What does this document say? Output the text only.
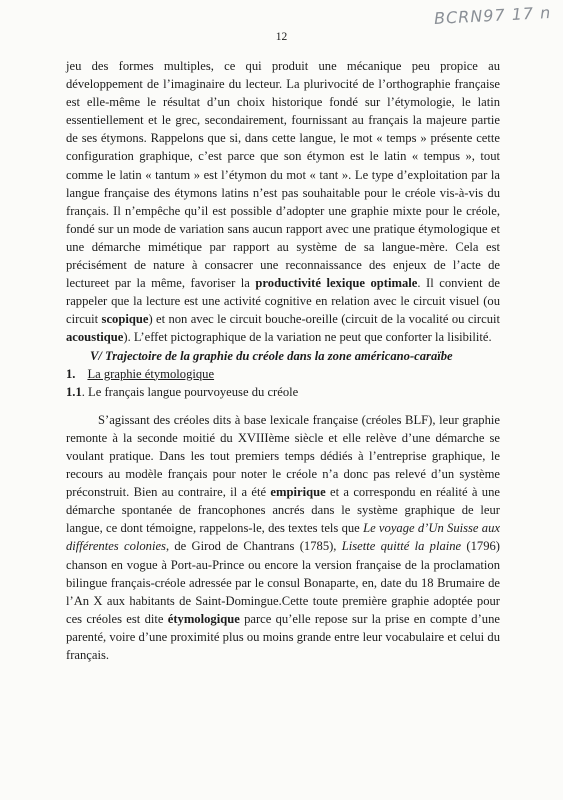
BCRN97 17 n
12

jeu des formes multiples, ce qui produit une mécanique peu propice au développement de l’imaginaire du lecteur. La plurivocité de l’orthographie française est elle-même le résultat d’un choix historique fondé sur l’étymologie, le latin essentiellement et le grec, secondairement, fournissant au français la majeure partie de ses étymons. Rappelons que si, dans cette langue, le mot « temps » présente cette configuration graphique, c’est parce que son étymon est le latin « tempus », tout comme le latin « tantum » est l’étymon du mot « tant ». Le type d’exploitation par la langue française des étymons latins n’est pas souhaitable pour le créole vis-à-vis du français. Il n’empêche qu’il est possible d’adopter une graphie mixte pour le créole, fondé sur un mode de variation sans aucun rapport avec une pratique étymologique et une démarche mimétique par rapport au système de sa langue-mère. Cela est précisément de nature à consacrer une reconnaissance des enjeux de l’acte de lectureet par la même, favoriser la productivité lexique optimale. Il convient de rappeler que la lecture est une activité cognitive en relation avec le circuit visuel (ou circuit scopique) et non avec le circuit bouche-oreille (circuit de la vocalité ou circuit acoustique). L’effet pictographique de la variation ne peut que conforter la lisibilité.

V/ Trajectoire de la graphie du créole dans la zone américano-caraïbe

1. La graphie étymologique

1.1. Le français langue pourvoyeuse du créole

S’agissant des créoles dits à base lexicale française (créoles BLF), leur graphie remonte à la seconde moitié du XVIIIème siècle et elle relève d’une démarche se voulant pratique. Dans les tout premiers temps dédiés à l’entreprise graphique, le recours au modèle français pour noter le créole n’a donc pas relevé d’un système préconstruit. Bien au contraire, il a été empirique et a correspondu en réalité à une démarche spontanée de francophones ancrés dans le système graphique de leur langue, ce dont témoigne, rappelons-le, des textes tels que Le voyage d’Un Suisse aux différentes colonies, de Girod de Chantrans (1785), Lisette quitté la plaine (1796) chanson en vogue à Port-au-Prince ou encore la version française de la proclamation bilingue français-créole adressée par le consul Bonaparte, en, date du 18 Brumaire de l’An X aux habitants de Saint-Domingue.Cette toute première graphie adoptée pour ces créoles est dite étymologique parce qu’elle repose sur la prise en compte d’une parenté, voire d’une proximité plus ou moins grande entre leur vocabulaire et celui du français.
